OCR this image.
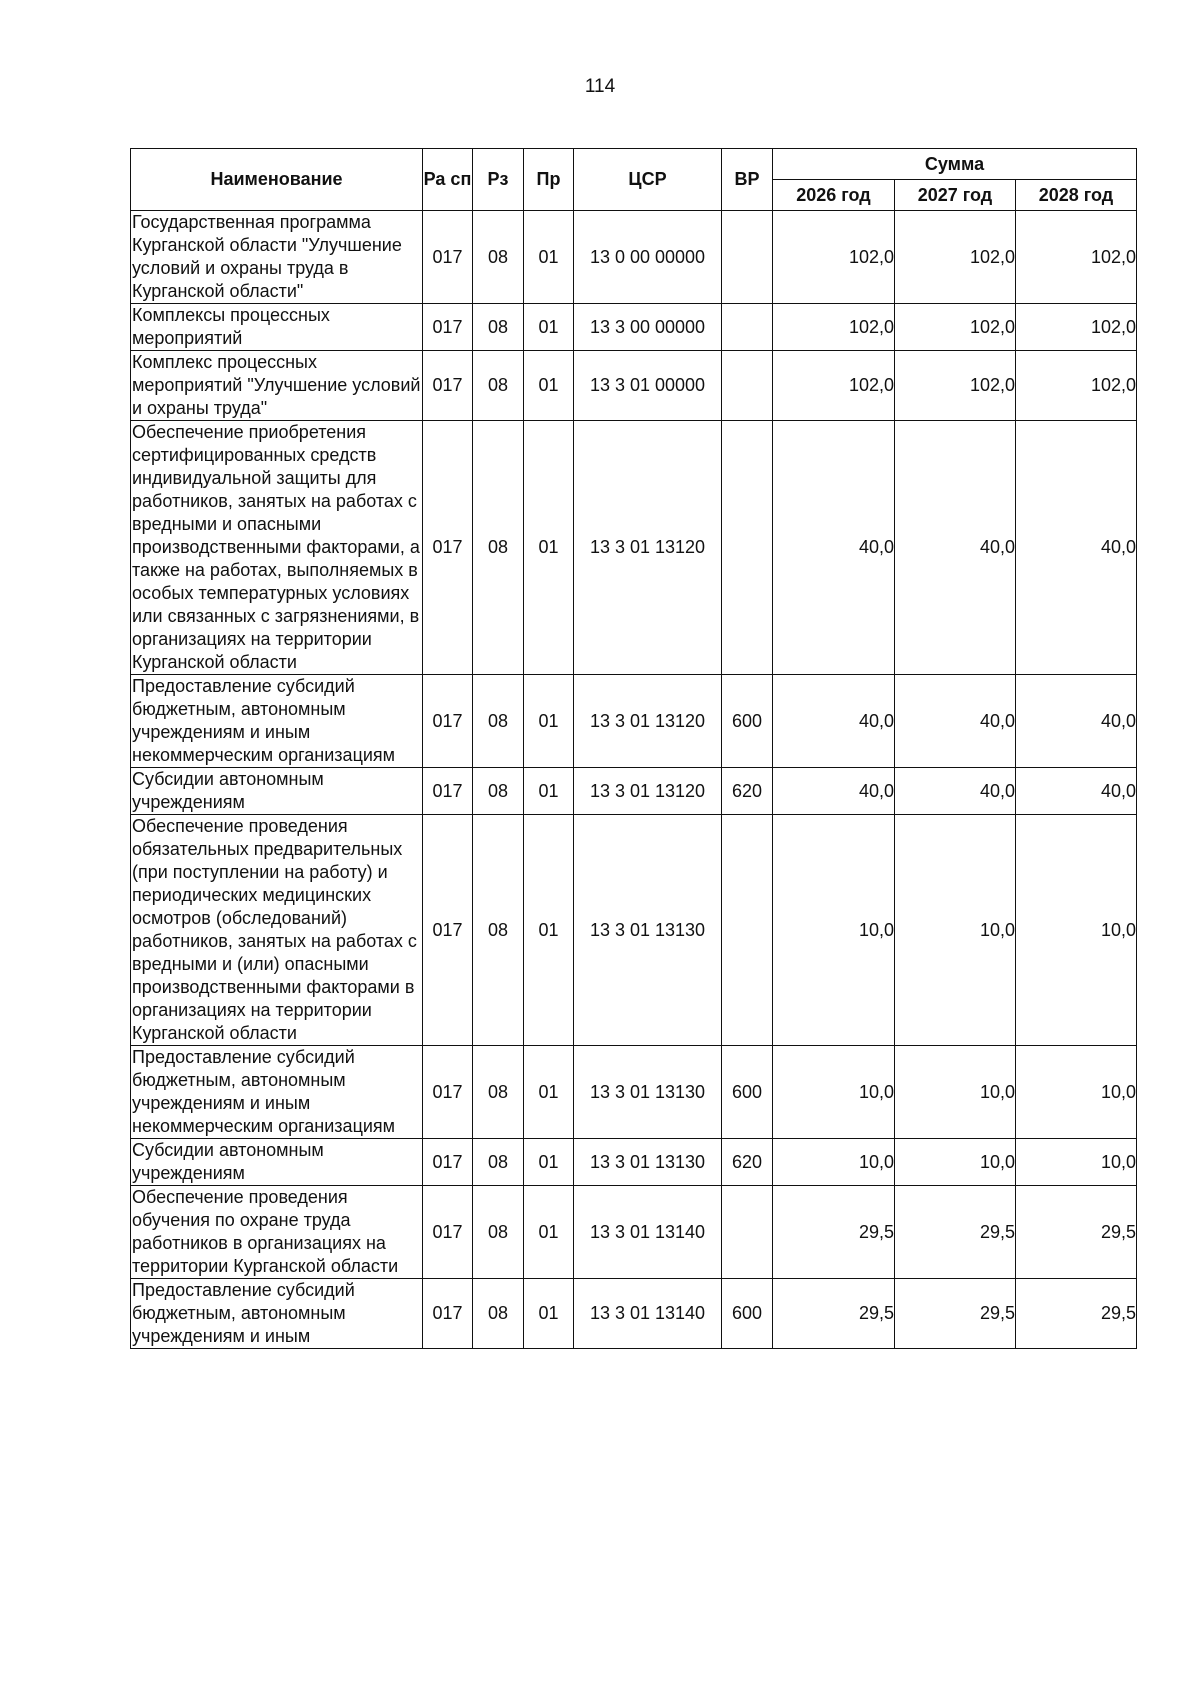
114
Наименование	Ра сп	Рз	Пр	ЦСР	ВР	Сумма		
						2026 год	2027 год	2028 год
Государственная программа Курганской области "Улучшение условий и охраны труда в Курганской области"	017	08	01	13 0 00 00000		102,0	102,0	102,0
Комплексы процессных мероприятий	017	08	01	13 3 00 00000		102,0	102,0	102,0
Комплекс процессных мероприятий "Улучшение условий и охраны труда"	017	08	01	13 3 01 00000		102,0	102,0	102,0
Обеспечение приобретения сертифицированных средств индивидуальной защиты для работников, занятых на работах с вредными и опасными производственными факторами, а также на работах, выполняемых в особых температурных условиях или связанных с загрязнениями, в организациях на территории Курганской области	017	08	01	13 3 01 13120		40,0	40,0	40,0
Предоставление субсидий бюджетным, автономным учреждениям и иным некоммерческим организациям	017	08	01	13 3 01 13120	600	40,0	40,0	40,0
Субсидии автономным учреждениям	017	08	01	13 3 01 13120	620	40,0	40,0	40,0
Обеспечение проведения обязательных предварительных (при поступлении на работу) и периодических медицинских осмотров (обследований) работников, занятых на работах с вредными и (или) опасными производственными факторами в организациях на территории Курганской области	017	08	01	13 3 01 13130		10,0	10,0	10,0
Предоставление субсидий бюджетным, автономным учреждениям и иным некоммерческим организациям	017	08	01	13 3 01 13130	600	10,0	10,0	10,0
Субсидии автономным учреждениям	017	08	01	13 3 01 13130	620	10,0	10,0	10,0
Обеспечение проведения обучения по охране труда работников в организациях на территории Курганской области	017	08	01	13 3 01 13140		29,5	29,5	29,5
Предоставление субсидий бюджетным, автономным учреждениям и иным	017	08	01	13 3 01 13140	600	29,5	29,5	29,5
